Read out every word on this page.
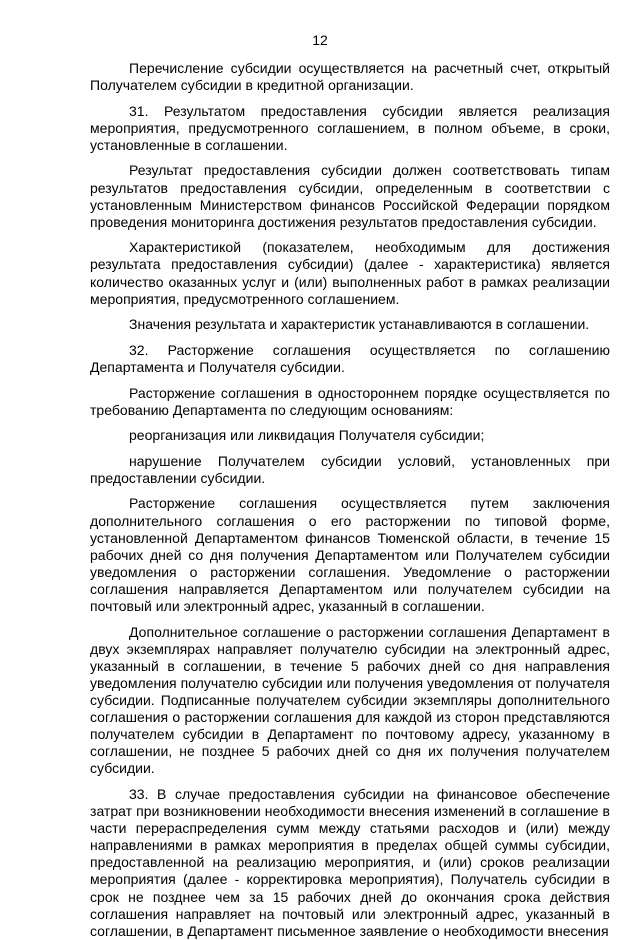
12

Перечисление субсидии осуществляется на расчетный счет, открытый Получателем субсидии в кредитной организации.

31. Результатом предоставления субсидии является реализация мероприятия, предусмотренного соглашением, в полном объеме, в сроки, установленные в соглашении.

Результат предоставления субсидии должен соответствовать типам результатов предоставления субсидии, определенным в соответствии с установленным Министерством финансов Российской Федерации порядком проведения мониторинга достижения результатов предоставления субсидии.

Характеристикой (показателем, необходимым для достижения результата предоставления субсидии) (далее - характеристика) является количество оказанных услуг и (или) выполненных работ в рамках реализации мероприятия, предусмотренного соглашением.

Значения результата и характеристик устанавливаются в соглашении.

32. Расторжение соглашения осуществляется по соглашению Департамента и Получателя субсидии.

Расторжение соглашения в одностороннем порядке осуществляется по требованию Департамента по следующим основаниям:

реорганизация или ликвидация Получателя субсидии;

нарушение Получателем субсидии условий, установленных при предоставлении субсидии.

Расторжение соглашения осуществляется путем заключения дополнительного соглашения о его расторжении по типовой форме, установленной Департаментом финансов Тюменской области, в течение 15 рабочих дней со дня получения Департаментом или Получателем субсидии уведомления о расторжении соглашения. Уведомление о расторжении соглашения направляется Департаментом или получателем субсидии на почтовый или электронный адрес, указанный в соглашении.

Дополнительное соглашение о расторжении соглашения Департамент в двух экземплярах направляет получателю субсидии на электронный адрес, указанный в соглашении, в течение 5 рабочих дней со дня направления уведомления получателю субсидии или получения уведомления от получателя субсидии. Подписанные получателем субсидии экземпляры дополнительного соглашения о расторжении соглашения для каждой из сторон представляются получателем субсидии в Департамент по почтовому адресу, указанному в соглашении, не позднее 5 рабочих дней со дня их получения получателем субсидии.

33. В случае предоставления субсидии на финансовое обеспечение затрат при возникновении необходимости внесения изменений в соглашение в части перераспределения сумм между статьями расходов и (или) между направлениями в рамках мероприятия в пределах общей суммы субсидии, предоставленной на реализацию мероприятия, и (или) сроков реализации мероприятия (далее - корректировка мероприятия), Получатель субсидии в срок не позднее чем за 15 рабочих дней до окончания срока действия соглашения направляет на почтовый или электронный адрес, указанный в соглашении, в Департамент письменное заявление о необходимости внесения
